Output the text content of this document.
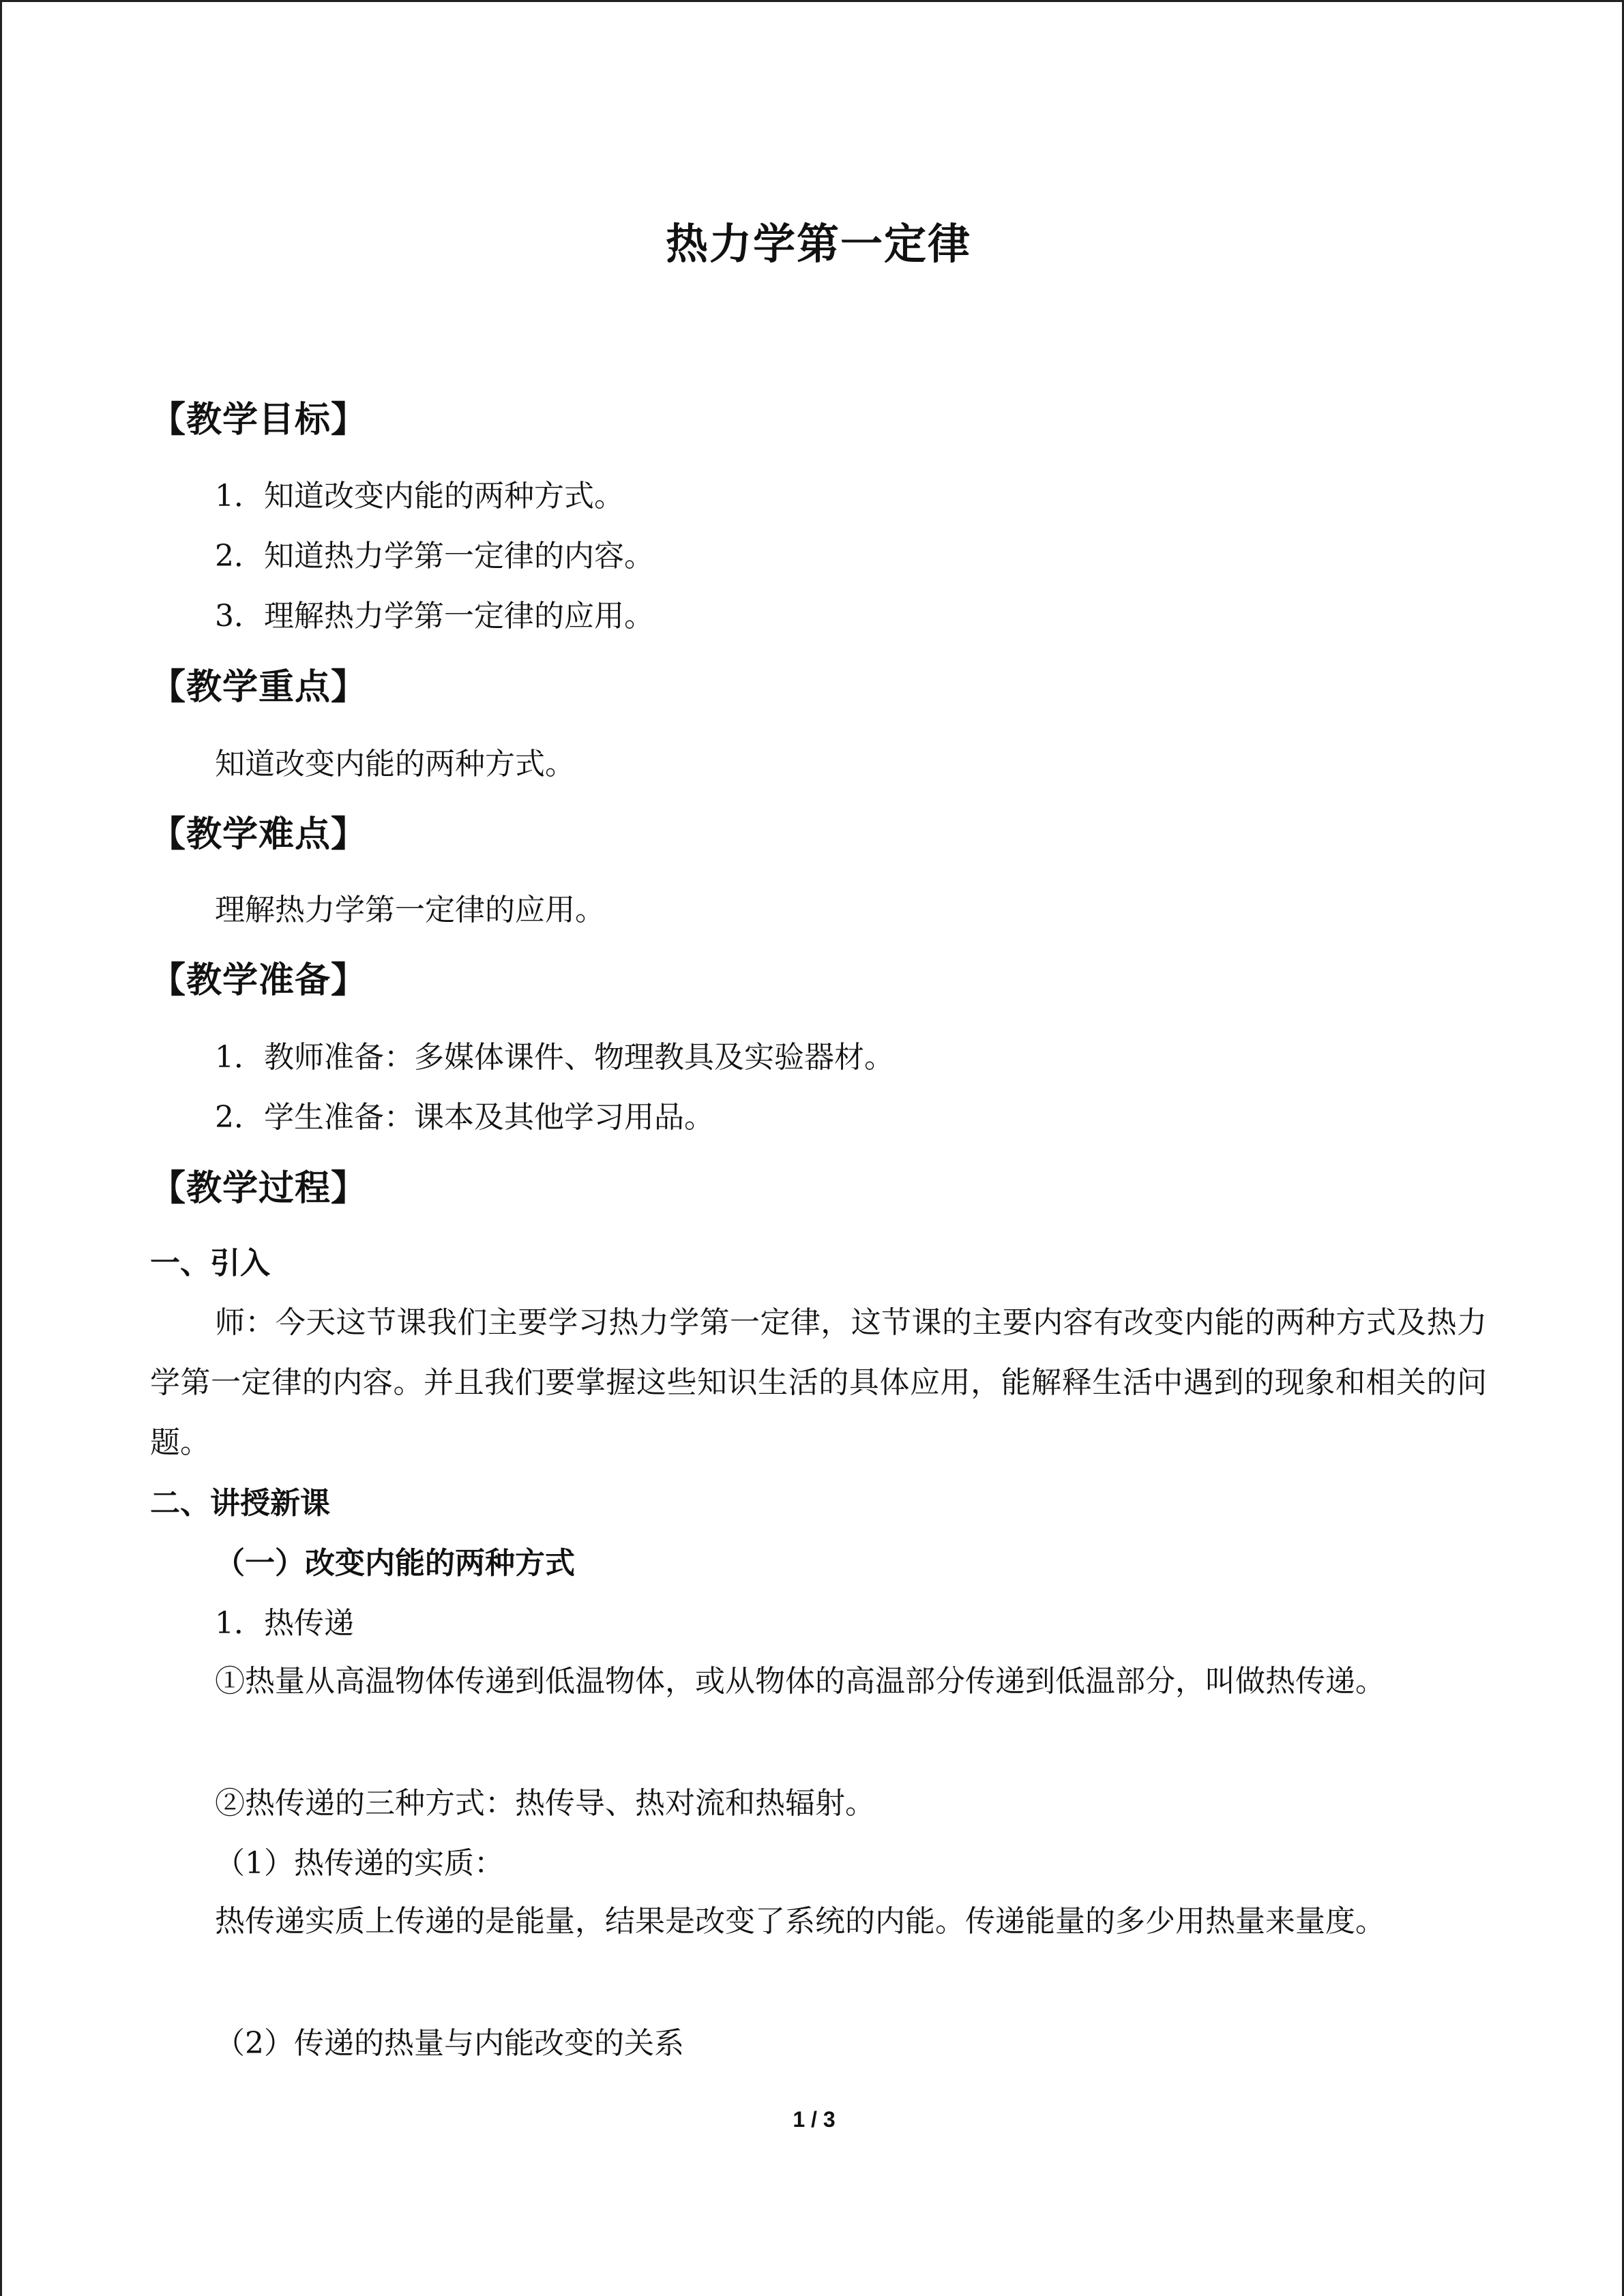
热力学第一定律
【教学目标】
1．知道改变内能的两种方式。
2．知道热力学第一定律的内容。
3．理解热力学第一定律的应用。
【教学重点】
知道改变内能的两种方式。
【教学难点】
理解热力学第一定律的应用。
【教学准备】
1．教师准备：多媒体课件、物理教具及实验器材。
2．学生准备：课本及其他学习用品。
【教学过程】
一、引入
师：今天这节课我们主要学习热力学第一定律，这节课的主要内容有改变内能的两种方式及热力学第一定律的内容。并且我们要掌握这些知识生活的具体应用，能解释生活中遇到的现象和相关的问题。
二、讲授新课
（一）改变内能的两种方式
1．热传递
①热量从高温物体传递到低温物体，或从物体的高温部分传递到低温部分，叫做热传递。
②热传递的三种方式：热传导、热对流和热辐射。
（1）热传递的实质：
热传递实质上传递的是能量，结果是改变了系统的内能。传递能量的多少用热量来量度。
（2）传递的热量与内能改变的关系
1 / 3
